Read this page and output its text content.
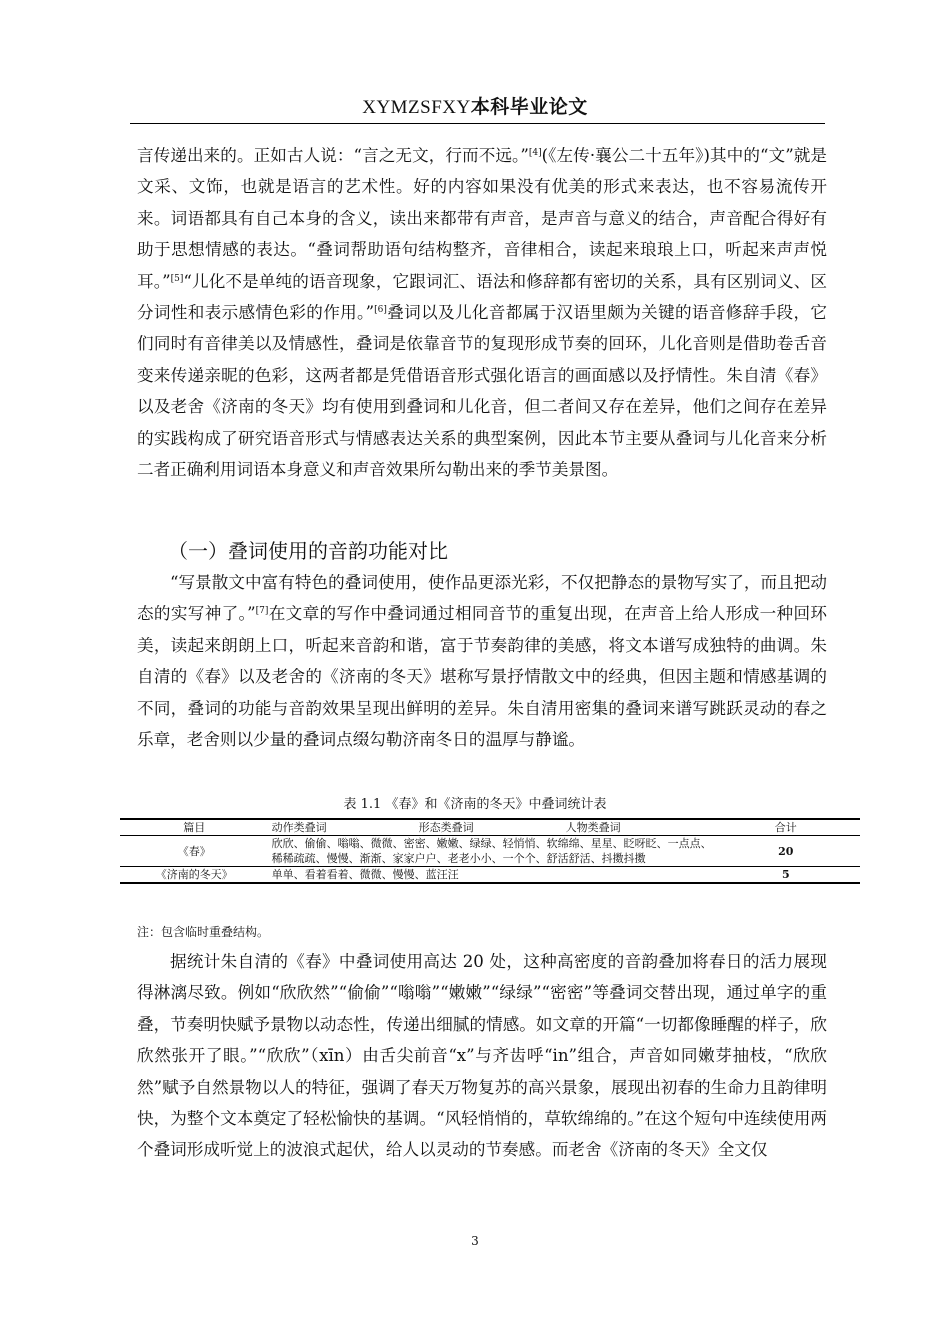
XYMZSFXY本科毕业论文

言传递出来的。正如古人说：“言之无文，行而不远。”[4](《左传·襄公二十五年》)其中的“文”就是文采、文饰，也就是语言的艺术性。好的内容如果没有优美的形式来表达，也不容易流传开来。词语都具有自己本身的含义，读出来都带有声音，是声音与意义的结合，声音配合得好有助于思想情感的表达。“叠词帮助语句结构整齐，音律相合，读起来琅琅上口，听起来声声悦耳。”[5]“儿化不是单纯的语音现象，它跟词汇、语法和修辞都有密切的关系，具有区别词义、区分词性和表示感情色彩的作用。”[6]叠词以及儿化音都属于汉语里颇为关键的语音修辞手段，它们同时有音律美以及情感性，叠词是依靠音节的复现形成节奏的回环，儿化音则是借助卷舌音变来传递亲昵的色彩，这两者都是凭借语音形式强化语言的画面感以及抒情性。朱自清《春》以及老舍《济南的冬天》均有使用到叠词和儿化音，但二者间又存在差异，他们之间存在差异的实践构成了研究语音形式与情感表达关系的典型案例，因此本节主要从叠词与儿化音来分析二者正确利用词语本身意义和声音效果所勾勒出来的季节美景图。

（一）叠词使用的音韵功能对比

“写景散文中富有特色的叠词使用，使作品更添光彩，不仅把静态的景物写实了，而且把动态的实写神了。”[7]在文章的写作中叠词通过相同音节的重复出现，在声音上给人形成一种回环美，读起来朗朗上口，听起来音韵和谐，富于节奏韵律的美感，将文本谱写成独特的曲调。朱自清的《春》以及老舍的《济南的冬天》堪称写景抒情散文中的经典，但因主题和情感基调的不同，叠词的功能与音韵效果呈现出鲜明的差异。朱自清用密集的叠词来谱写跳跃灵动的春之乐章，老舍则以少量的叠词点缀勾勒济南冬日的温厚与静谧。

表 1.1 《春》和《济南的冬天》中叠词统计表
篇目	动作类叠词 形态类叠词 人物类叠词	合计
《春》	欣欣、偷偷、嗡嗡、微微、密密、嫩嫩、绿绿、轻悄悄、软绵绵、星星、眨呀眨、一点点、稀稀疏疏、慢慢、渐渐、家家户户、老老小小、一个个、舒活舒活、抖擞抖擞	20
《济南的冬天》	单单、看着看着、微微、慢慢、蓝汪汪	5
注：包含临时重叠结构。

据统计朱自清的《春》中叠词使用高达 20 处，这种高密度的音韵叠加将春日的活力展现得淋漓尽致。例如“欣欣然”“偷偷”“嗡嗡”“嫩嫩”“绿绿”“密密”等叠词交替出现，通过单字的重叠，节奏明快赋予景物以动态性，传递出细腻的情感。如文章的开篇“一切都像睡醒的样子，欣欣然张开了眼。”“欣欣”（xīn）由舌尖前音“x”与齐齿呼“in”组合，声音如同嫩芽抽枝，“欣欣然”赋予自然景物以人的特征，强调了春天万物复苏的高兴景象，展现出初春的生命力且韵律明快，为整个文本奠定了轻松愉快的基调。“风轻悄悄的，草软绵绵的。”在这个短句中连续使用两个叠词形成听觉上的波浪式起伏，给人以灵动的节奏感。而老舍《济南的冬天》全文仅

3
